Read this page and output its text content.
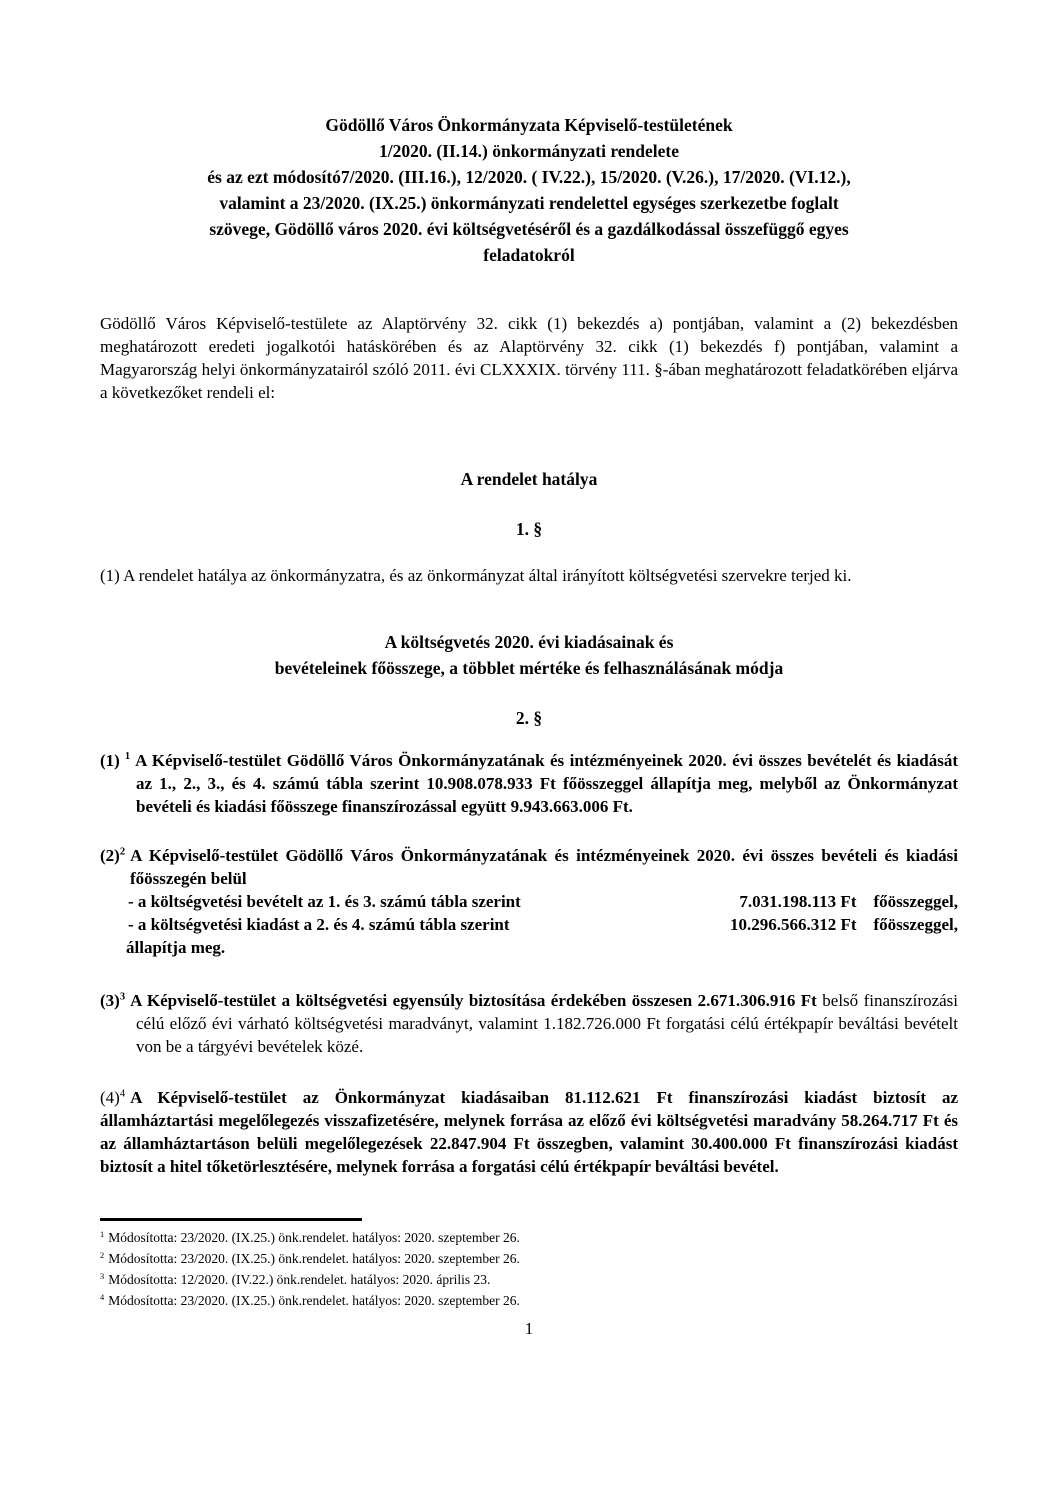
Gödöllő Város Önkormányzata Képviselő-testületének
1/2020. (II.14.) önkormányzati rendelete
és az ezt módosító7/2020. (III.16.), 12/2020. ( IV.22.), 15/2020. (V.26.), 17/2020. (VI.12.),
valamint a 23/2020. (IX.25.) önkormányzati rendelettel egységes szerkezetbe foglalt
szövege, Gödöllő város 2020. évi költségvetéséről és a gazdálkodással összefüggő egyes
feladatokról

Gödöllő Város Képviselő-testülete az Alaptörvény 32. cikk (1) bekezdés a) pontjában, valamint a (2) bekezdésben meghatározott eredeti jogalkotói hatáskörében és az Alaptörvény 32. cikk (1) bekezdés f) pontjában, valamint a Magyarország helyi önkormányzatairól szóló 2011. évi CLXXXIX. törvény 111. §-ában meghatározott feladatkörében eljárva a következőket rendeli el:

A rendelet hatálya
1. §

(1) A rendelet hatálya az önkormányzatra, és az önkormányzat által irányított költségvetési szervekre terjed ki.

A költségvetés 2020. évi kiadásainak és
bevételeinek főösszege, a többlet mértéke és felhasználásának módja
2. §

(1) $^1$ A Képviselő-testület Gödöllő Város Önkormányzatának és intézményeinek 2020. évi összes bevételét és kiadását az 1., 2., 3., és 4. számú tábla szerint 10.908.078.933 Ft főösszeggel állapítja meg, melyből az Önkormányzat bevételi és kiadási főösszege finanszírozással együtt 9.943.663.006 Ft.

(2)$^2$ A Képviselő-testület Gödöllő Város Önkormányzatának és intézményeinek 2020. évi összes bevételi és kiadási főösszegén belül

- a költségvetési bevételt az 1. és 3. számú tábla szerint	7.031.198.113 Ft főösszeggel,
- a költségvetési kiadást a 2. és 4. számú tábla szerint	10.296.566.312 Ft főösszeggel,
állapítja meg.

(3)$^3$ A Képviselő-testület a költségvetési egyensúly biztosítása érdekében összesen 2.671.306.916 Ft belső finanszírozási célú előző évi várható költségvetési maradványt, valamint 1.182.726.000 Ft forgatási célú értékpapír beváltási bevételt von be a tárgyévi bevételek közé.

(4)$^4$ A Képviselő-testület az Önkormányzat kiadásaiban 81.112.621 Ft finanszírozási kiadást biztosít az államháztartási megelőlegezés visszafizetésére, melynek forrása az előző évi költségvetési maradvány 58.264.717 Ft és az államháztartáson belüli megelőlegezések 22.847.904 Ft összegben, valamint 30.400.000 Ft finanszírozási kiadást biztosít a hitel tőketörlesztésére, melynek forrása a forgatási célú értékpapír beváltási bevétel.

$^1$ Módosította: 23/2020. (IX.25.) önk.rendelet. hatályos: 2020. szeptember 26.
$^2$ Módosította: 23/2020. (IX.25.) önk.rendelet. hatályos: 2020. szeptember 26.
$^3$ Módosította: 12/2020. (IV.22.) önk.rendelet. hatályos: 2020. április 23.
$^4$ Módosította: 23/2020. (IX.25.) önk.rendelet. hatályos: 2020. szeptember 26.
1
